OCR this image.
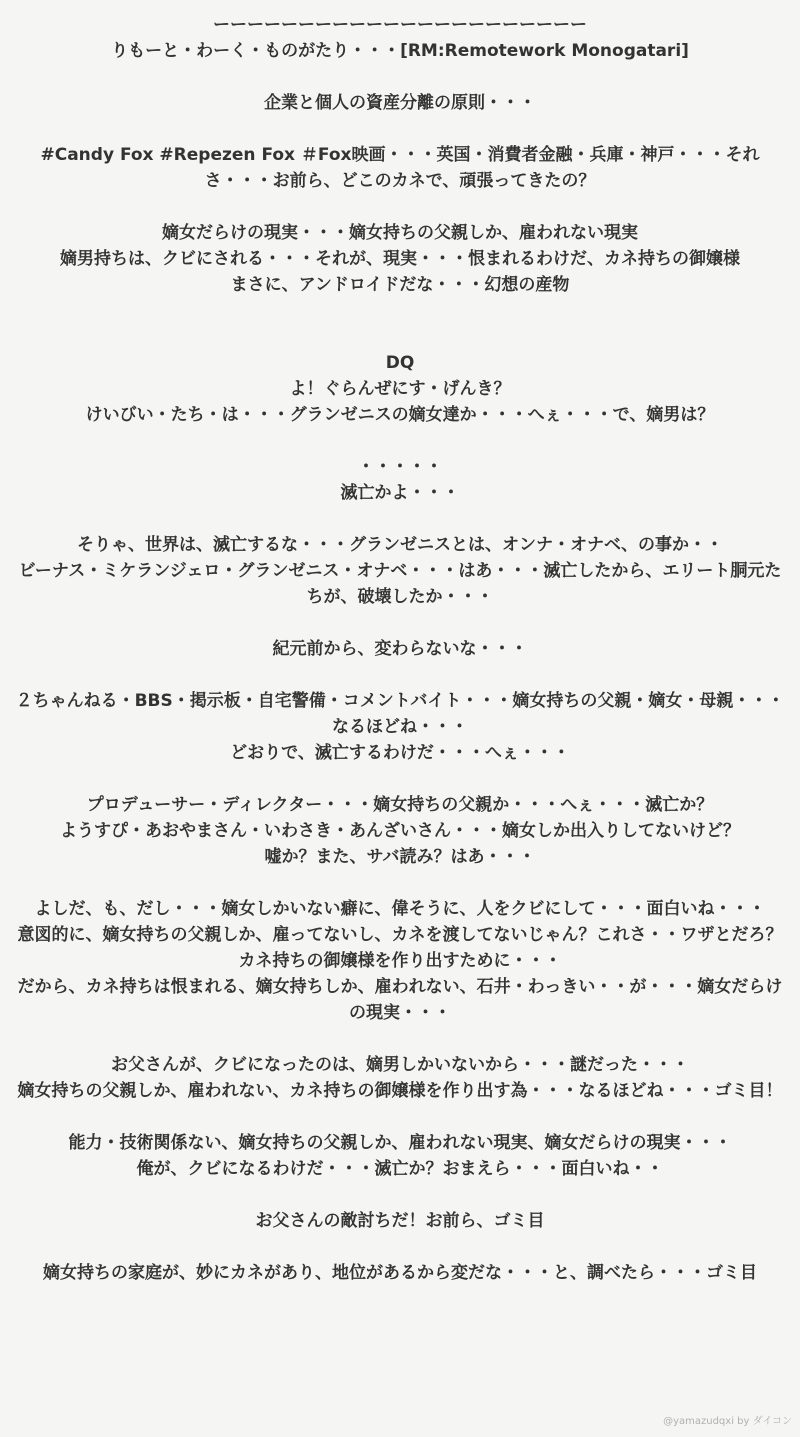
ーーーーーーーーーーーーーーーーーーーーーー
りもーと・わーく・ものがたり・・・[RM:Remotework Monogatari]
企業と個人の資産分離の原則・・・
#Candy Fox #Repezen Fox ＃Fox映画・・・英国・消費者金融・兵庫・神戸・・・それさ・・・お前ら、どこのカネで、頑張ってきたの？
嫡女だらけの現実・・・嫡女持ちの父親しか、雇われない現実
嫡男持ちは、クビにされる・・・それが、現実・・・恨まれるわけだ、カネ持ちの御嬢様
まさに、アンドロイドだな・・・幻想の産物
DQ
よ！ぐらんぜにす・げんき？
けいびい・たち・は・・・グランゼニスの嫡女達か・・・へぇ・・・で、嫡男は？
・・・・・
滅亡かよ・・・
そりゃ、世界は、滅亡するな・・・グランゼニスとは、オンナ・オナベ、の事か・・
ビーナス・ミケランジェロ・グランゼニス・オナベ・・・はあ・・・滅亡したから、エリート胴元たちが、破壊したか・・・
紀元前から、変わらないな・・・
２ちゃんねる・BBS・掲示板・自宅警備・コメントバイト・・・嫡女持ちの父親・嫡女・母親・・・なるほどね・・・
どおりで、滅亡するわけだ・・・へぇ・・・
プロデューサー・ディレクター・・・嫡女持ちの父親か・・・へぇ・・・滅亡か？
ようすぴ・あおやまさん・いわさき・あんざいさん・・・嫡女しか出入りしてないけど？
嘘か？また、サバ読み？はあ・・・
よしだ、も、だし・・・嫡女しかいない癖に、偉そうに、人をクビにして・・・面白いね・・・
意図的に、嫡女持ちの父親しか、雇ってないし、カネを渡してないじゃん？これさ・・ワザとだろ？
カネ持ちの御嬢様を作り出すために・・・
だから、カネ持ちは恨まれる、嫡女持ちしか、雇われない、石井・わっきい・・が・・・嫡女だらけの現実・・・
お父さんが、クビになったのは、嫡男しかいないから・・・謎だった・・・
嫡女持ちの父親しか、雇われない、カネ持ちの御嬢様を作り出す為・・・なるほどね・・・ゴミ目！
能力・技術関係ない、嫡女持ちの父親しか、雇われない現実、嫡女だらけの現実・・・
俺が、クビになるわけだ・・・滅亡か？おまえら・・・面白いね・・
お父さんの敵討ちだ！お前ら、ゴミ目
嫡女持ちの家庭が、妙にカネがあり、地位があるから変だな・・・と、調べたら・・・ゴミ目
@yamazudqxi by ダイコン
